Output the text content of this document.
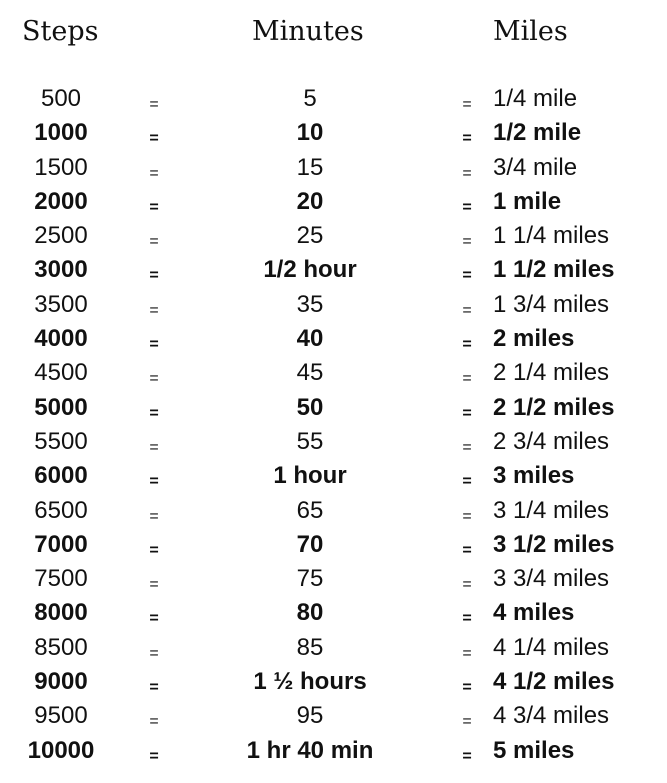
Steps	Minutes	Miles
500	=	5	= 1/4 mile
1000	=	10	= 1/2 mile
1500	=	15	= 3/4 mile
2000	=	20	= 1 mile
2500	=	25	= 1 1/4 miles
3000	=	1/2 hour	= 1 1/2 miles
3500	=	35	= 1 3/4 miles
4000	=	40	= 2 miles
4500	=	45	= 2 1/4 miles
5000	=	50	= 2 1/2 miles
5500	=	55	= 2 3/4 miles
6000	=	1 hour	= 3 miles
6500	=	65	= 3 1/4 miles
7000	=	70	= 3 1/2 miles
7500	=	75	= 3 3/4 miles
8000	=	80	= 4 miles
8500	=	85	= 4 1/4 miles
9000	=	1 ½ hours	= 4 1/2 miles
9500	=	95	= 4 3/4 miles
10000	=	1 hr 40 min	= 5 miles
